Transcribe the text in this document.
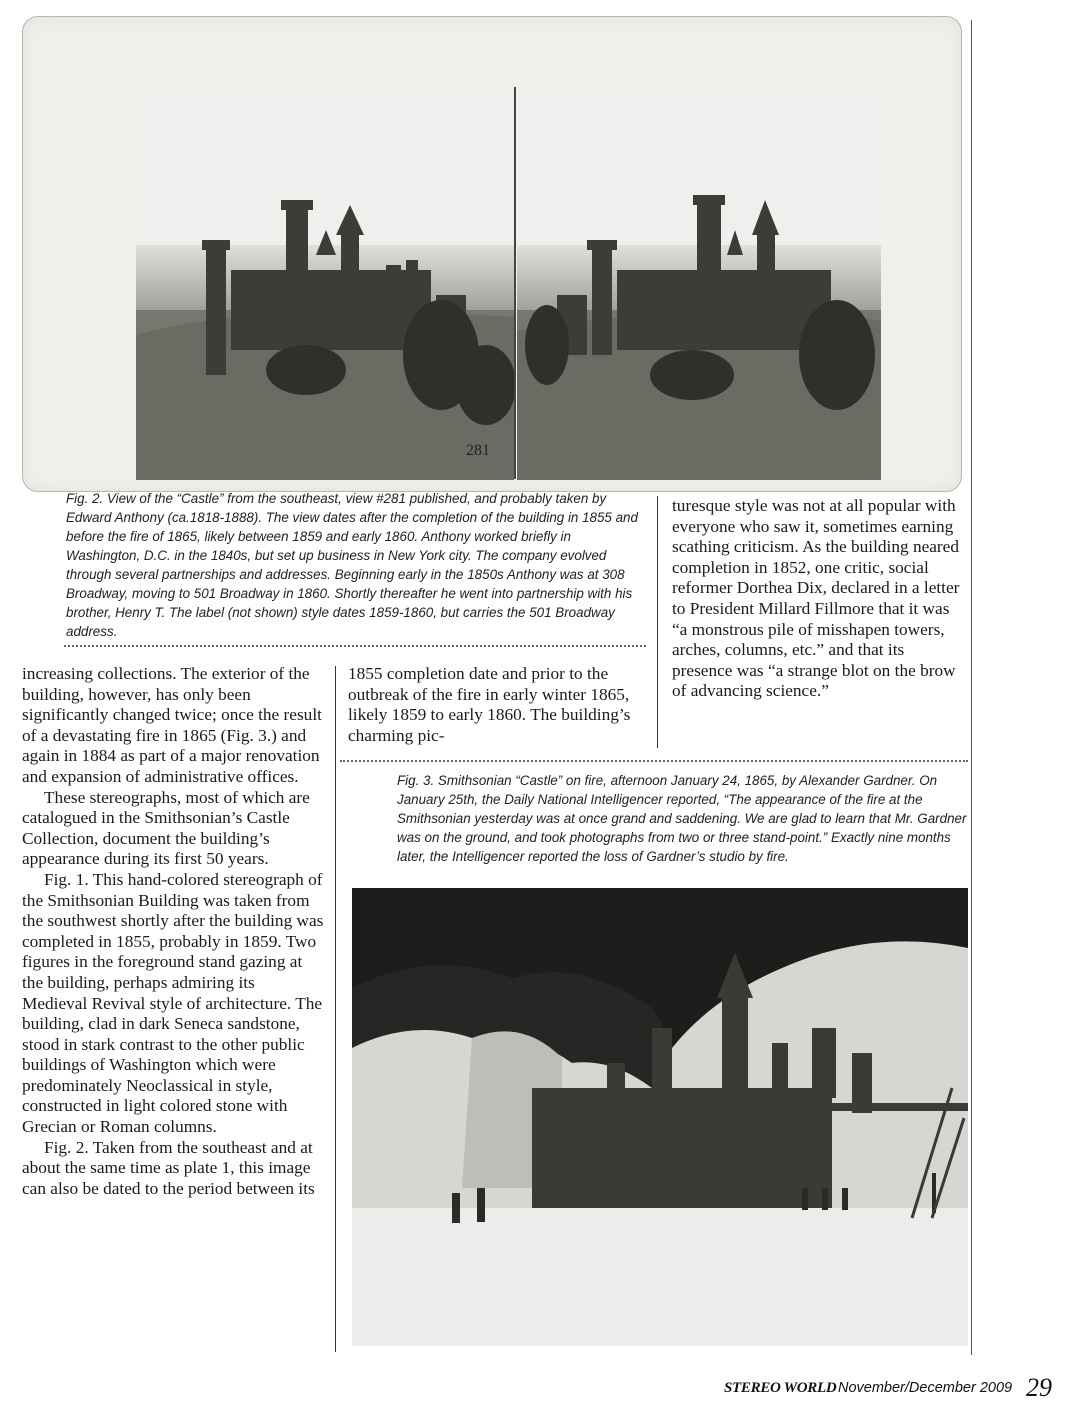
281

Fig. 2. View of the “Castle” from the southeast, view #281 published, and probably taken by Edward Anthony (ca.1818-1888). The view dates after the completion of the building in 1855 and before the fire of 1865, likely between 1859 and early 1860. Anthony worked briefly in Washington, D.C. in the 1840s, but set up business in New York city. The company evolved through several partnerships and addresses. Beginning early in the 1850s Anthony was at 308 Broadway, moving to 501 Broadway in 1860. Shortly thereafter he went into partnership with his brother, Henry T. The label (not shown) style dates 1859-1860, but carries the 501 Broadway address.

increasing collections. The exterior of the building, however, has only been significantly changed twice; once the result of a devastating fire in 1865 (Fig. 3.) and again in 1884 as part of a major renovation and expansion of administrative offices.

These stereographs, most of which are catalogued in the Smithsonian’s Castle Collection, document the building’s appearance during its first 50 years.

Fig. 1. This hand-colored stereograph of the Smithsonian Building was taken from the southwest shortly after the building was completed in 1855, probably in 1859. Two figures in the foreground stand gazing at the building, perhaps admiring its Medieval Revival style of architecture. The building, clad in dark Seneca sandstone, stood in stark contrast to the other public buildings of Washington which were predominately Neoclassical in style, constructed in light colored stone with Grecian or Roman columns.

Fig. 2. Taken from the southeast and at about the same time as plate 1, this image can also be dated to the period between its

1855 completion date and prior to the outbreak of the fire in early winter 1865, likely 1859 to early 1860. The building’s charming pic-

turesque style was not at all popular with everyone who saw it, sometimes earning scathing criticism. As the building neared completion in 1852, one critic, social reformer Dorthea Dix, declared in a letter to President Millard Fillmore that it was “a monstrous pile of misshapen towers, arches, columns, etc.” and that its presence was “a strange blot on the brow of advancing science.”

Fig. 3. Smithsonian “Castle” on fire, afternoon January 24, 1865, by Alexander Gardner. On January 25th, the Daily National Intelligencer reported, “The appearance of the fire at the Smithsonian yesterday was at once grand and saddening. We are glad to learn that Mr. Gardner was on the ground, and took photographs from two or three stand-point.” Exactly nine months later, the Intelligencer reported the loss of Gardner’s studio by fire.

STEREO WORLD November/December 2009 29
